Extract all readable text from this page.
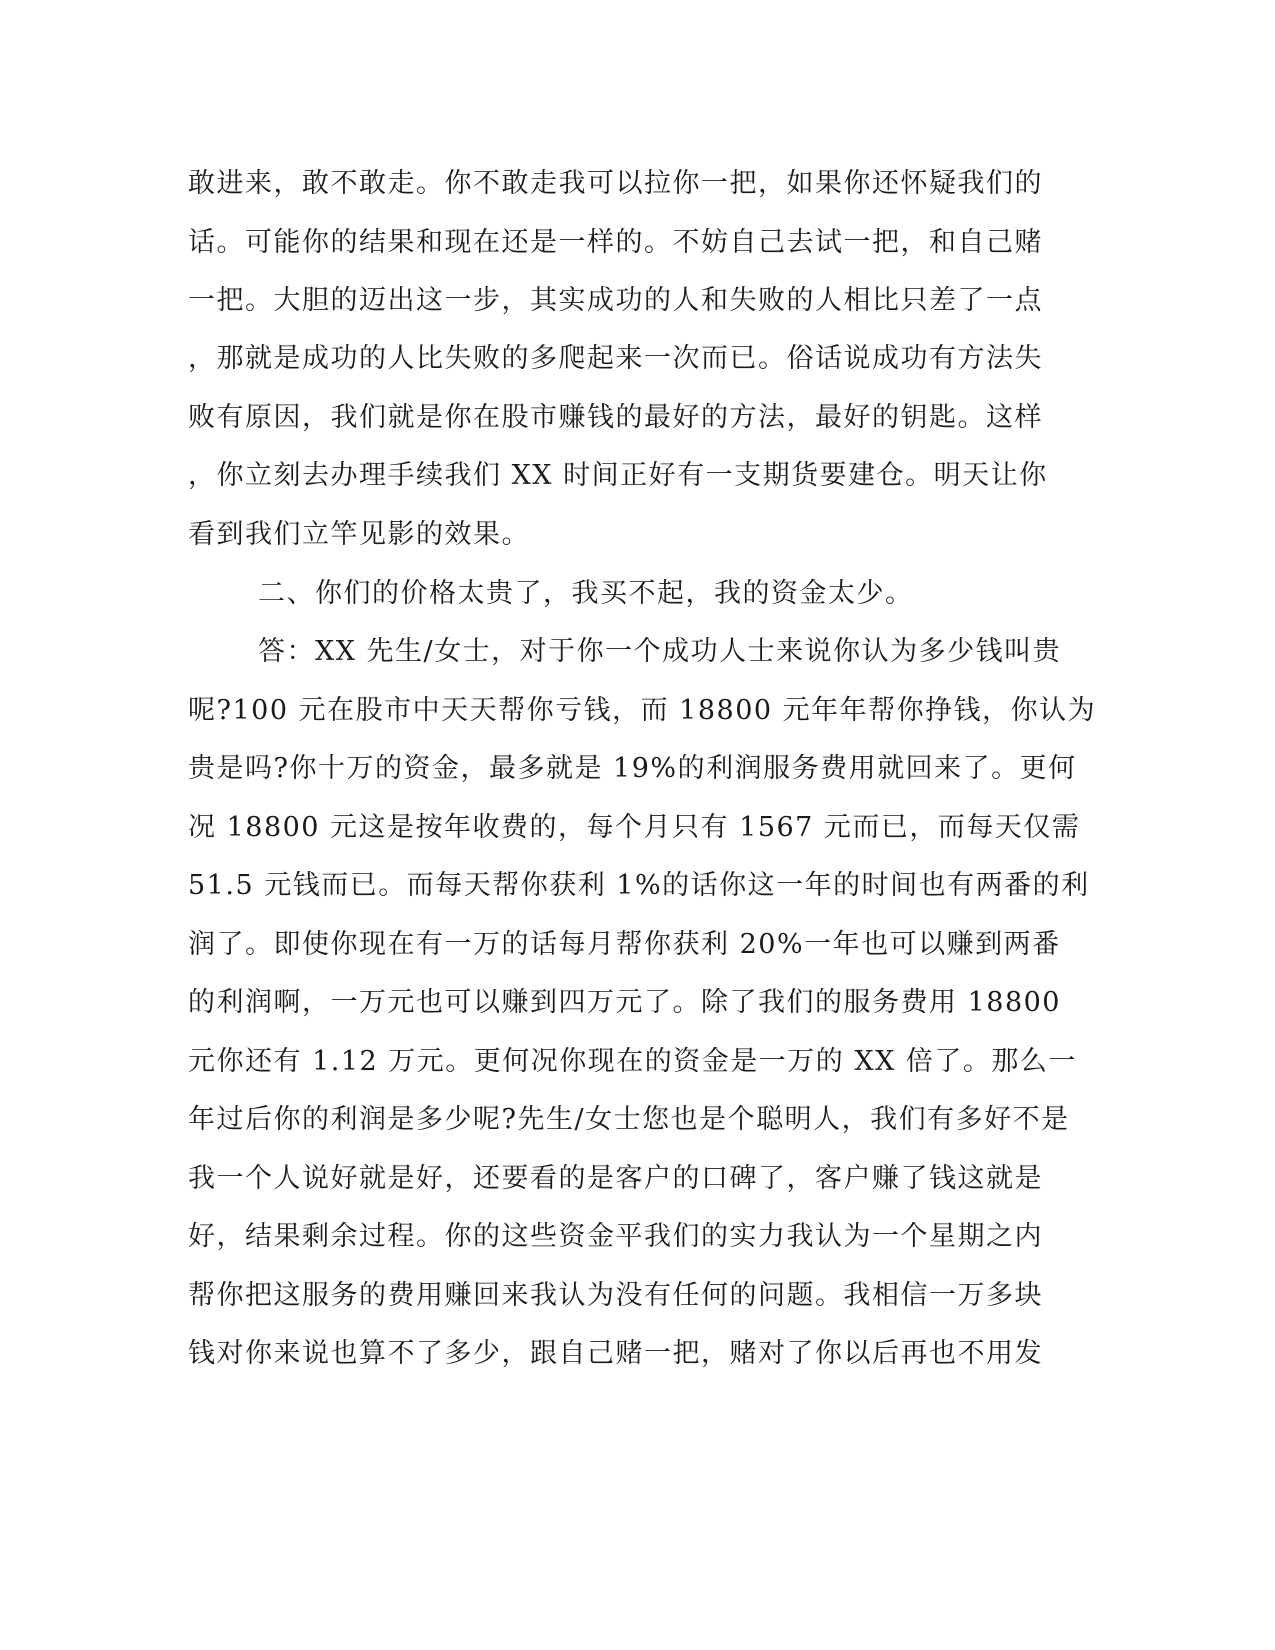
敢进来，敢不敢走。你不敢走我可以拉你一把，如果你还怀疑我们的
话。可能你的结果和现在还是一样的。不妨自己去试一把，和自己赌
一把。大胆的迈出这一步，其实成功的人和失败的人相比只差了一点
，那就是成功的人比失败的多爬起来一次而已。俗话说成功有方法失
败有原因，我们就是你在股市赚钱的最好的方法，最好的钥匙。这样
，你立刻去办理手续我们 XX 时间正好有一支期货要建仓。明天让你
看到我们立竿见影的效果。
二、你们的价格太贵了，我买不起，我的资金太少。
答：XX 先生/女士，对于你一个成功人士来说你认为多少钱叫贵
呢?100 元在股市中天天帮你亏钱，而 18800 元年年帮你挣钱，你认为
贵是吗?你十万的资金，最多就是 19%的利润服务费用就回来了。更何
况 18800 元这是按年收费的，每个月只有 1567 元而已，而每天仅需
51.5 元钱而已。而每天帮你获利 1%的话你这一年的时间也有两番的利
润了。即使你现在有一万的话每月帮你获利 20%一年也可以赚到两番
的利润啊，一万元也可以赚到四万元了。除了我们的服务费用 18800
元你还有 1.12 万元。更何况你现在的资金是一万的 XX 倍了。那么一
年过后你的利润是多少呢?先生/女士您也是个聪明人，我们有多好不是
我一个人说好就是好，还要看的是客户的口碑了，客户赚了钱这就是
好，结果剩余过程。你的这些资金平我们的实力我认为一个星期之内
帮你把这服务的费用赚回来我认为没有任何的问题。我相信一万多块
钱对你来说也算不了多少，跟自己赌一把，赌对了你以后再也不用发
